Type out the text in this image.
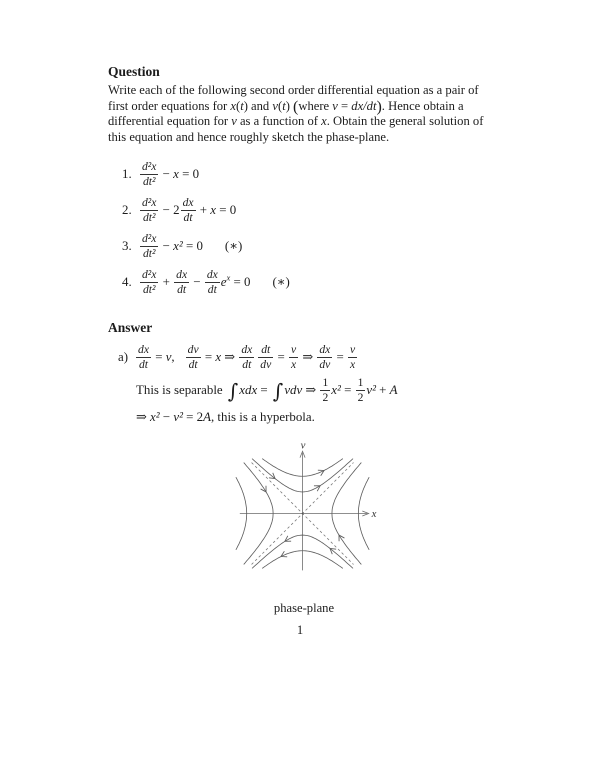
Question
Write each of the following second order differential equation as a pair of
first order equations for x(t) and v(t) (where v = dx/dt). Hence obtain a
differential equation for v as a function of x. Obtain the general solution of
this equation and hence roughly sketch the phase-plane.
1. $\frac{\text{d²x}}{\text{dt²}} - x = 0$
2. $\frac{\text{d²x}}{\text{dt²}} - 2 \frac{dx}{dt} + x = 0$
3. $\frac{\text{d²x}}{\text{dt²}} - x^2 = 0$ (∗)
4. $\frac{\text{d²x}}{\text{dt²}} + \frac{dx}{dt} - \frac{dx}{dt} e^x = 0$ (∗)
Answer
$a) \frac{dx}{dt} = v$, $\frac{dv}{dt} = x$ ⇒ $\frac{dx}{dt} \frac{dt}{dv} = \frac{v}{x}$ ⇒ $\frac{dx}{dv} = \frac{v}{x}$
This is separable ∫xdx = ∫vdv ⇒ $\frac{1}{2} x^2 = \frac{1}{2} v^2 + A$
⇒ x² − v² = 2A, this is a hyperbola.
x
v
phase-plane
1
